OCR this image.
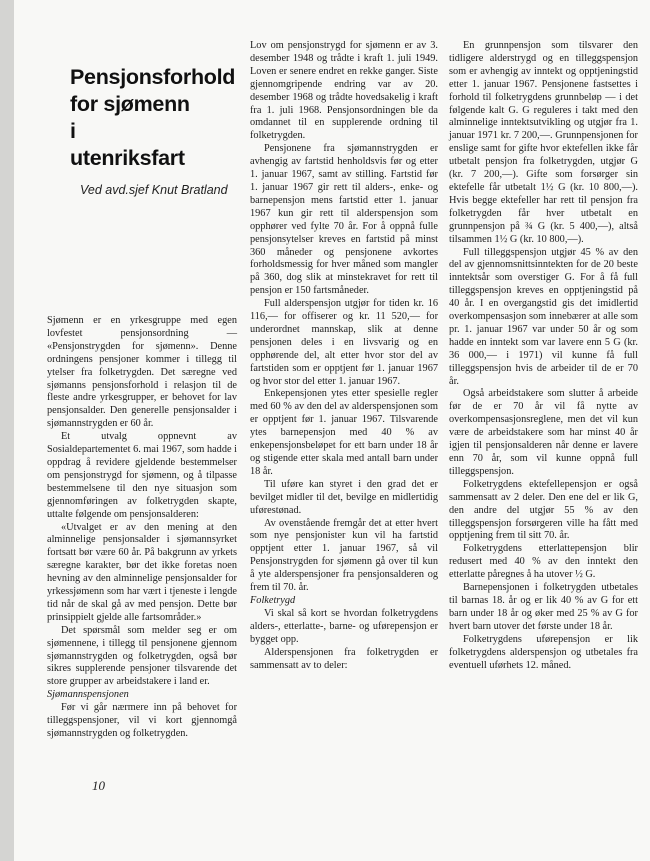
Pensjonsforhold
for sjømenn
i
utenriksfart
Ved avd.sjef Knut Bratland

Sjømenn er en yrkesgruppe med egen lovfestet pensjonsordning — «Pensjonstrygden for sjømenn». Denne ordningens pensjoner kommer i tillegg til ytelser fra folketrygden. Det særegne ved sjømanns pensjonsforhold i relasjon til de fleste andre yrkesgrupper, er behovet for lav pensjonsalder. Den generelle pensjonsalder i sjømannstrygden er 60 år.

Et utvalg oppnevnt av Sosialdepartementet 6. mai 1967, som hadde i oppdrag å revidere gjeldende bestemmelser om pensjonstrygd for sjømenn, og å tilpasse bestemmelsene til den nye situasjon som gjennomføringen av folketrygden skapte, uttalte følgende om pensjonsalderen:

«Utvalget er av den mening at den alminnelige pensjonsalder i sjømannsyrket fortsatt bør være 60 år. På bakgrunn av yrkets særegne karakter, bør det ikke foretas noen hevning av den alminnelige pensjonsalder for yrkessjømenn som har vært i tjeneste i lengde tid når de skal gå av med pensjon. Dette bør prinsippielt gjelde alle fartsområder.»

Det spørsmål som melder seg er om sjømennene, i tillegg til pensjonene gjennom sjømannstrygden og folketrygden, også bør sikres supplerende pensjoner tilsvarende det store grupper av arbeidstakere i land er.

Sjømannspensjonen

Før vi går nærmere inn på behovet for tilleggspensjoner, vil vi kort gjennomgå sjømannstrygden og folketrygden.

Lov om pensjonstrygd for sjømenn er av 3. desember 1948 og trådte i kraft 1. juli 1949. Loven er senere endret en rekke ganger. Siste gjennomgripende endring var av 20. desember 1968 og trådte hovedsakelig i kraft fra 1. juli 1968. Pensjonsordningen ble da omdannet til en supplerende ordning til folketrygden.

Pensjonene fra sjømannstrygden er avhengig av fartstid henholdsvis før og etter 1. januar 1967, samt av stilling. Fartstid før 1. januar 1967 gir rett til alders-, enke- og barnepensjon mens fartstid etter 1. januar 1967 kun gir rett til alderspensjon som opphører ved fylte 70 år. For å oppnå fulle pensjonsytelser kreves en fartstid på minst 360 måneder og pensjonene avkortes forholdsmessig for hver måned som mangler på 360, dog slik at minstekravet for rett til pensjon er 150 fartsmåneder.

Full alderspensjon utgjør for tiden kr. 16 116,— for offiserer og kr. 11 520,— for underordnet mannskap, slik at denne pensjonen deles i en livsvarig og en opphørende del, alt etter hvor stor del av fartstiden som er opptjent før 1. januar 1967 og hvor stor del etter 1. januar 1967.

Enkepensjonen ytes etter spesielle regler med 60 % av den del av alderspensjonen som er opptjent før 1. januar 1967. Tilsvarende ytes barnepensjon med 40 % av enkepensjonsbeløpet for ett barn under 18 år og stigende etter skala med antall barn under 18 år.

Til uføre kan styret i den grad det er bevilget midler til det, bevilge en midlertidig uførestønad.

Av ovenstående fremgår det at etter hvert som nye pensjonister kun vil ha fartstid opptjent etter 1. januar 1967, så vil Pensjonstrygden for sjømenn gå over til kun å yte alderspensjoner fra pensjonsalderen og frem til 70. år.

Folketrygd

Vi skal så kort se hvordan folketrygdens alders-, etterlatte-, barne- og uførepensjon er bygget opp.

Alderspensjonen fra folketrygden er sammensatt av to deler:

En grunnpensjon som tilsvarer den tidligere alderstrygd og en tilleggspensjon som er avhengig av inntekt og opptjeningstid etter 1. januar 1967. Pensjonene fastsettes i forhold til folketrygdens grunnbeløp — i det følgende kalt G. G reguleres i takt med den alminnelige inntektsutvikling og utgjør fra 1. januar 1971 kr. 7 200,—. Grunnpensjonen for enslige samt for gifte hvor ektefellen ikke får utbetalt pensjon fra folketrygden, utgjør G (kr. 7 200,—). Gifte som forsørger sin ektefelle får utbetalt 1½ G (kr. 10 800,—). Hvis begge ektefeller har rett til pensjon fra folketrygden får hver utbetalt en grunnpensjon på ¾ G (kr. 5 400,—), altså tilsammen 1½ G (kr. 10 800,—).

Full tilleggspensjon utgjør 45 % av den del av gjennomsnittsinntekten for de 20 beste inntektsår som overstiger G. For å få full tilleggspensjon kreves en opptjeningstid på 40 år. I en overgangstid gis det imidlertid overkompensasjon som innebærer at alle som pr. 1. januar 1967 var under 50 år og som hadde en inntekt som var lavere enn 5 G (kr. 36 000,— i 1971) vil kunne få full tilleggspensjon hvis de arbeider til de er 70 år.

Også arbeidstakere som slutter å arbeide før de er 70 år vil få nytte av overkompensasjonsreglene, men det vil kun være de arbeidstakere som har minst 40 år igjen til pensjonsalderen når denne er lavere enn 70 år, som vil kunne oppnå full tilleggspensjon.

Folketrygdens ektefellepensjon er også sammensatt av 2 deler. Den ene del er lik G, den andre del utgjør 55 % av den tilleggspensjon forsørgeren ville ha fått med opptjening frem til sitt 70. år.

Folketrygdens etterlattepensjon blir redusert med 40 % av den inntekt den etterlatte påregnes å ha utover ½ G.

Barnepensjonen i folketrygden utbetales til barnas 18. år og er lik 40 % av G for ett barn under 18 år og øker med 25 % av G for hvert barn utover det første under 18 år.

Folketrygdens uførepensjon er lik folketrygdens alderspensjon og utbetales fra eventuell uførhets 12. måned.

10
